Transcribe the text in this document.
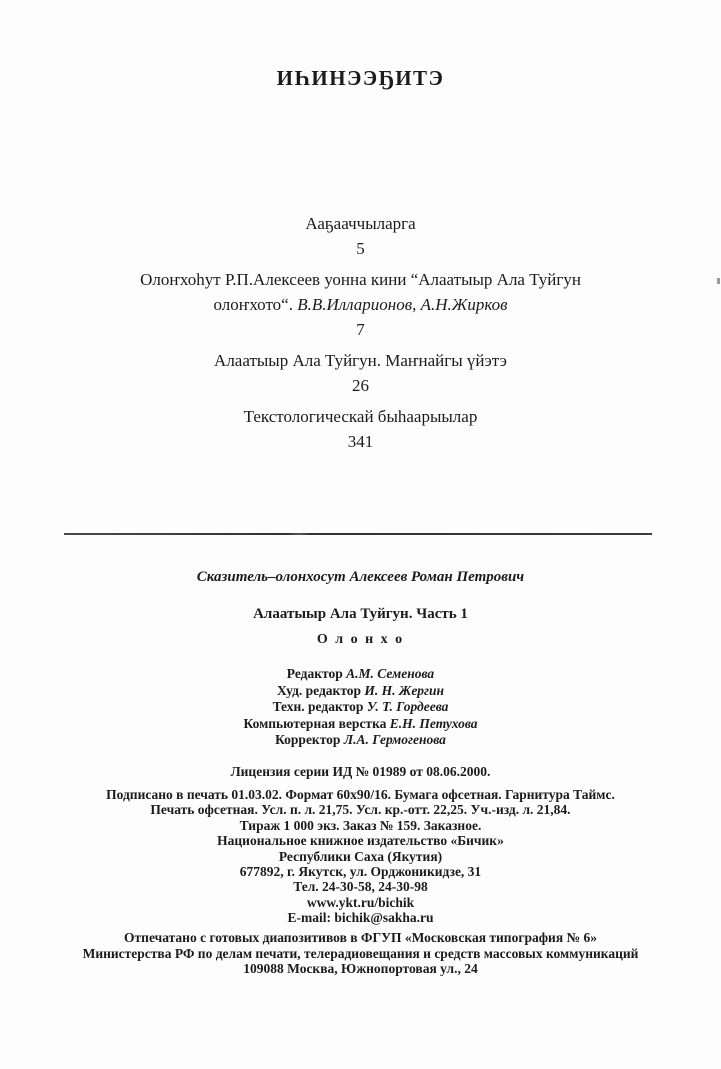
ИҺИНЭЭҔИТЭ
Ааҕааччыларга
5
Олоҥхоһут Р.П.Алексеев уонна кини “Алаатыыр Ала Туйгун
олоҥхото“. В.В.Илларионов, А.Н.Жирков
7
Алаатыыр Ала Туйгун. Маҥнайгы үйэтэ
26
Текстологическай быһаарыылар
341
Сказитель–олонхосут Алексеев Роман Петрович
Алаатыыр Ала Туйгун. Часть 1
О л о н х о
Редактор А.М. Семенова
Худ. редактор И. Н. Жергин
Техн. редактор У. Т. Гордеева
Компьютерная верстка Е.Н. Петухова
Корректор Л.А. Гермогенова
Лицензия серии ИД № 01989 от 08.06.2000.
Подписано в печать 01.03.02. Формат 60х90/16. Бумага офсетная. Гарнитура Таймс.
Печать офсетная. Усл. п. л. 21,75. Усл. кр.-отт. 22,25. Уч.-изд. л. 21,84.
Тираж 1 000 экз. Заказ № 159. Заказное.
Национальное книжное издательство «Бичик»
Республики Саха (Якутия)
677892, г. Якутск, ул. Орджоникидзе, 31
Тел. 24-30-58, 24-30-98
www.ykt.ru/bichik
E-mail: bichik@sakha.ru
Отпечатано с готовых диапозитивов в ФГУП «Московская типография № 6»
Министерства РФ по делам печати, телерадиовещания и средств массовых коммуникаций
109088 Москва, Южнопортовая ул., 24
